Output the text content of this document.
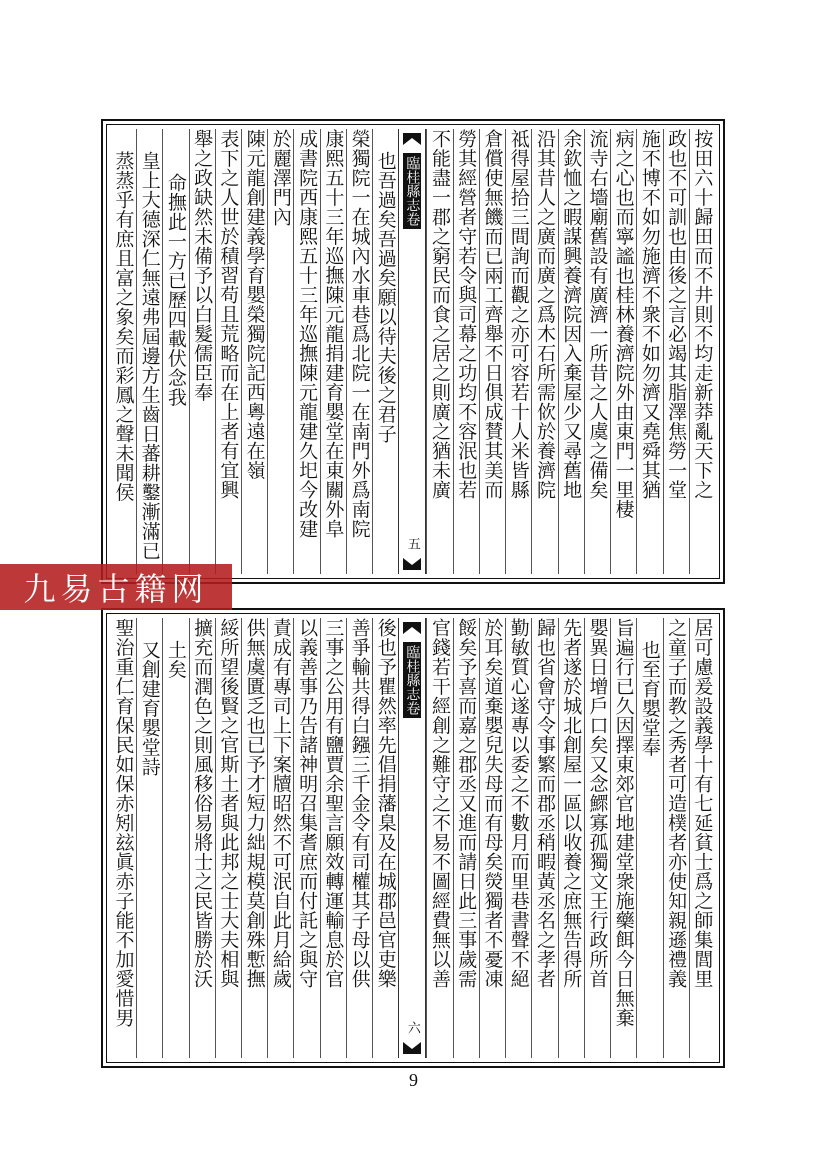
按田六十歸田而不井則不均走新莽亂天下之
政也不可訓也由後之言必竭其脂澤焦勞一堂
施不博不如勿施濟不衆不如勿濟又堯舜其猶
病之心也而寧謐也桂林養濟院外由東門一里棲
流寺右墻廟舊設有廣濟一所昔之人虞之備矣
余欽恤之暇謀興養濟院因入棄屋少又尋舊地
沿其昔人之廣而廣之爲木石所需佽於養濟院
祗得屋拾三間詢而觀之亦可容若十人米皆縣
倉償使無饑而已兩工齊舉不日俱成賛其美而
勞其經營者守若令與司幕之功均不容泯也若
不能盡一郡之窮民而食之居之則廣之猶未廣
臨桂縣志卷
五
也吾過矣吾過矣願以待夫後之君子
榮獨院一在城內水車巷爲北院一在南門外爲南院
康熙五十三年巡撫陳元龍捐建育嬰堂在東關外阜
成書院西康熙五十三年巡撫陳元龍建久圯今改建
於麗澤門內
陳元龍創建義學育嬰榮獨院記西粵遠在嶺
表下之人世於積習苟且荒略而在上者有宜興
舉之政缺然未備予以白髮儒臣奉
命撫此一方已歷四載伏念我
皇上大德深仁無遠弗屆邊方生齒日蕃耕鑿漸滿已
蒸蒸乎有庶且富之象矣而彩鳳之聲未聞侯
居可慮爰設義學十有七延貧士爲之師集閭里
之童子而教之秀者可造樸者亦使知親遜禮義
也至育嬰堂奉
旨遍行已久因擇東郊官地建堂衆施藥餌今日無棄
嬰異日增戶口矣又念鰥寡孤獨文王行政所首
先者遂於城北創屋一區以收養之庶無告得所
歸也省會守令事繁而郡丞稍暇黃丞名之孝者
勤敏質心遂專以委之不數月而里巷書聲不絕
於耳矣道棄嬰兒失母而有母矣熒獨者不憂凍
餒矣予喜而嘉之郡丞又進而請日此三事歲需
官錢若干經創之難守之不易不圖經費無以善
臨桂縣志卷
六
後也予瞿然率先倡捐藩臬及在城郡邑官吏樂
善爭輸共得白鏹三千金令有司權其子母以供
三事之公用有鹽賈余聖言願效轉運輸息於官
以義善事乃告諸神明召集耆庶而付託之與守
責成有專司上下案牘昭然不可泯自此月給歲
供無虞匱乏也已予才短力絀規模莫創殊慙撫
綏所望後賢之官斯土者與此邦之士大夫相與
擴充而潤色之則風移俗易將士之民皆勝於沃
土矣
又創建育嬰堂詩
聖治重仁育保民如保赤矧玆眞赤子能不加愛惜男
九易古籍网
9
